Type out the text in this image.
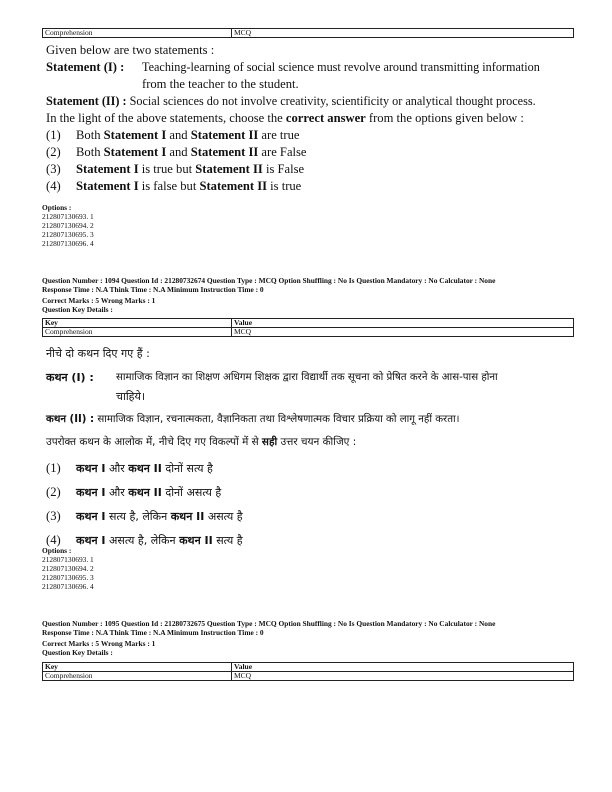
Comprehension	MCQ
Given below are two statements :
Statement (I) : Teaching-learning of social science must revolve around transmitting information
from the teacher to the student.
Statement (II) : Social sciences do not involve creativity, scientificity or analytical thought process.
In the light of the above statements, choose the correct answer from the options given below :
(1) Both Statement I and Statement II are true
(2) Both Statement I and Statement II are False
(3) Statement I is true but Statement II is False
(4) Statement I is false but Statement II is true
Options :
212807130693. 1
212807130694. 2
212807130695. 3
212807130696. 4
Question Number : 1094 Question Id : 21280732674 Question Type : MCQ Option Shuffling : No Is Question Mandatory : No Calculator : None
Response Time : N.A Think Time : N.A Minimum Instruction Time : 0
Correct Marks : 5 Wrong Marks : 1
Question Key Details :
Key	Value
Comprehension	MCQ
नीचे दो कथन दिए गए हैं :
कथन (I) : सामाजिक विज्ञान का शिक्षण अधिगम शिक्षक द्वारा विद्यार्थी तक सूचना को प्रेषित करने के आस-पास होना
चाहिये।
कथन (II) : सामाजिक विज्ञान, रचनात्मकता, वैज्ञानिकता तथा विश्लेषणात्मक विचार प्रक्रिया को लागू नहीं करता।
उपरोक्त कथन के आलोक में, नीचे दिए गए विकल्पों में से सही उत्तर चयन कीजिए :
(1) कथन I और कथन II दोनों सत्य है
(2) कथन I और कथन II दोनों असत्य है
(3) कथन I सत्य है, लेकिन कथन II असत्य है
(4) कथन I असत्य है, लेकिन कथन II सत्य है
Options :
212807130693. 1
212807130694. 2
212807130695. 3
212807130696. 4
Question Number : 1095 Question Id : 21280732675 Question Type : MCQ Option Shuffling : No Is Question Mandatory : No Calculator : None
Response Time : N.A Think Time : N.A Minimum Instruction Time : 0
Correct Marks : 5 Wrong Marks : 1
Question Key Details :
Key	Value
Comprehension	MCQ
